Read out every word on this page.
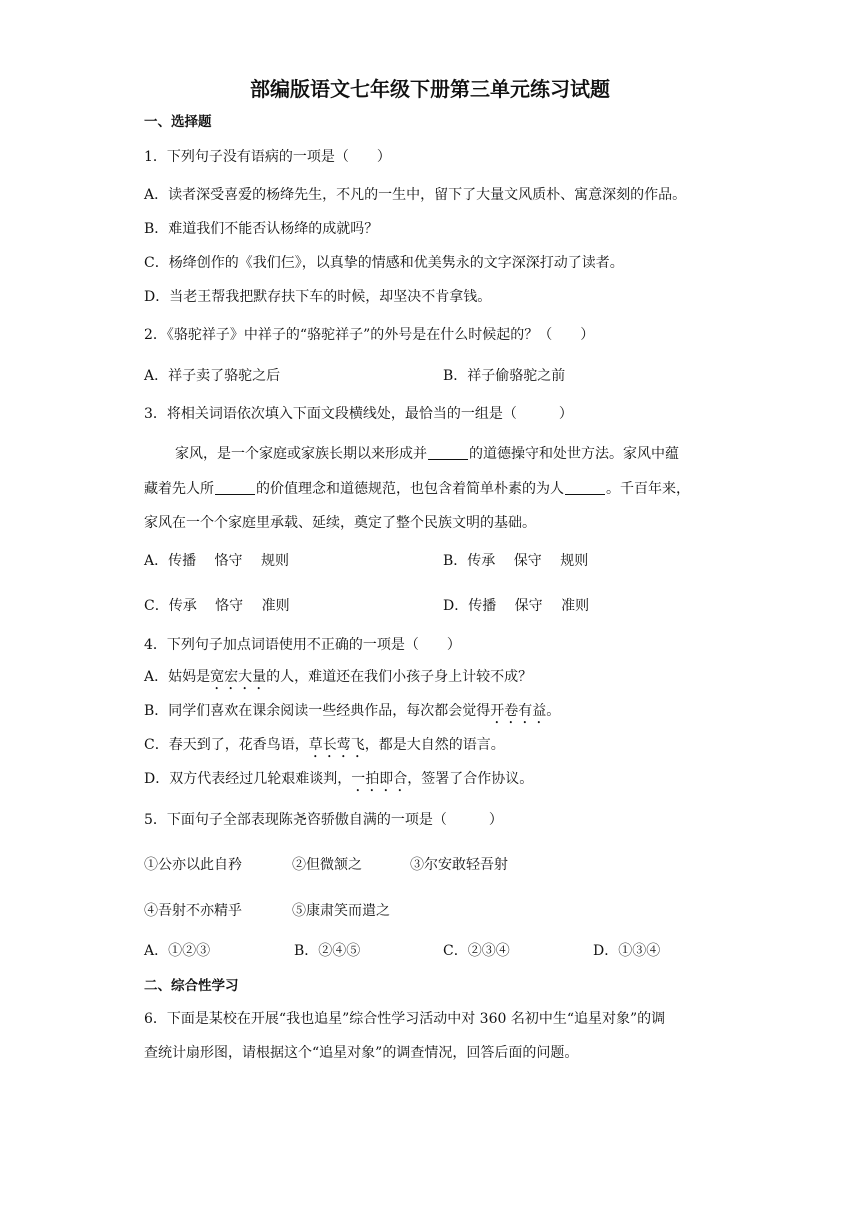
部编版语文七年级下册第三单元练习试题
一、选择题
1．下列句子没有语病的一项是（　　）
A．读者深受喜爱的杨绛先生，不凡的一生中，留下了大量文风质朴、寓意深刻的作品。
B．难道我们不能否认杨绛的成就吗？
C．杨绛创作的《我们仨》，以真挚的情感和优美隽永的文字深深打动了读者。
D．当老王帮我把默存扶下车的时候，却坚决不肯拿钱。
2．《骆驼祥子》中祥子的“骆驼祥子”的外号是在什么时候起的？（　　）
A．祥子卖了骆驼之后	B．祥子偷骆驼之前
3．将相关词语依次填入下面文段横线处，最恰当的一组是（　　　）
家风，是一个家庭或家族长期以来形成并	的道德操守和处世方法。家风中蕴
藏着先人所	的价值理念和道德规范，也包含着简单朴素的为人	。千百年来，
家风在一个个家庭里承载、延续，奠定了整个民族文明的基础。
A．传播　 恪守　 规则	B．传承　 保守　 规则
C．传承　 恪守　 准则	D．传播　 保守　 准则
4．下列句子加点词语使用不正确的一项是（　　）
A．姑妈是宽宏大量的人，难道还在我们小孩子身上计较不成？
B．同学们喜欢在课余阅读一些经典作品，每次都会觉得开卷有益。
C．春天到了，花香鸟语，草长莺飞，都是大自然的语言。
D．双方代表经过几轮艰难谈判，一拍即合，签署了合作协议。
5．下面句子全部表现陈尧咨骄傲自满的一项是（　　　）
①公亦以此自矜	②但微颔之	③尔安敢轻吾射
④吾射不亦精乎	⑤康肃笑而遣之
A．①②③	B．②④⑤	C．②③④	D．①③④
二、综合性学习
6．下面是某校在开展“我也追星”综合性学习活动中对 360 名初中生“追星对象”的调
查统计扇形图，请根据这个“追星对象”的调查情况，回答后面的问题。
